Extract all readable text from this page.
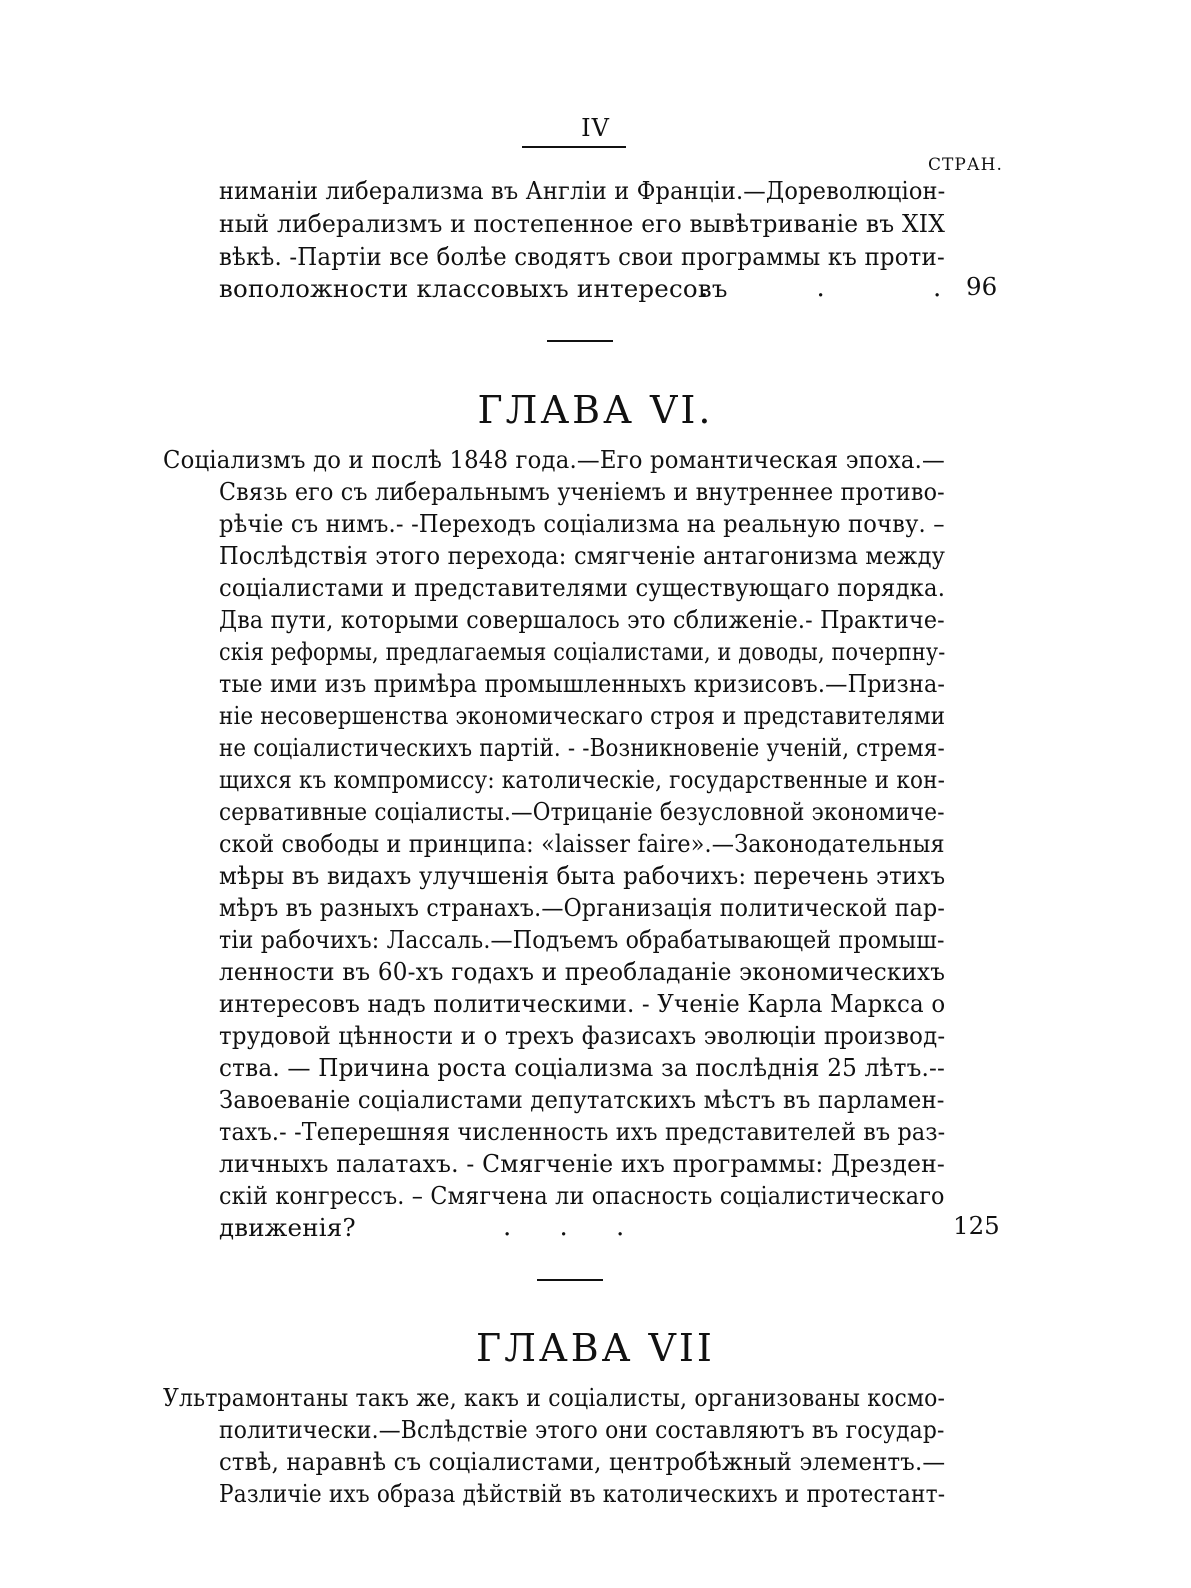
IV
СТРАН.
ниманіи либерализма въ Англіи и Франціи.—Дореволюціон-
ный либерализмъ и постепенное его вывѣтриваніе въ XIX
вѣкѣ. -Партіи все болѣе сводятъ свои программы къ проти-
воположности классовыхъ интересовъ
. . . 96
ГЛАВА VI.
Соціализмъ до и послѣ 1848 года.—Его романтическая эпоха.—
Связь его съ либеральнымъ ученіемъ и внутреннее противо-
рѣчіе съ нимъ.- -Переходъ соціализма на реальную почву. –
Послѣдствія этого перехода: смягченіе антагонизма между
соціалистами и представителями существующаго порядка.
Два пути, которыми совершалось это сближеніе.- Практиче-
скія реформы, предлагаемыя соціалистами, и доводы, почерпну-
тые ими изъ примѣра промышленныхъ кризисовъ.—Призна-
ніе несовершенства экономическаго строя и представителями
не соціалистическихъ партій. - -Возникновеніе ученій, стремя-
щихся къ компромиссу: католическіе, государственные и кон-
сервативные соціалисты.—Отрицаніе безусловной экономиче-
ской свободы и принципа: «laisser faire».—Законодательныя
мѣры въ видахъ улучшенія быта рабочихъ: перечень этихъ
мѣръ въ разныхъ странахъ.—Организація политической пар-
тіи рабочихъ: Лассаль.—Подъемъ обрабатывающей промыш-
ленности въ 60-хъ годахъ и преобладаніе экономическихъ
интересовъ надъ политическими. - Ученіе Карла Маркса о
трудовой цѣнности и о трехъ фазисахъ эволюціи производ-
ства. — Причина роста соціализма за послѣднія 25 лѣтъ.--
Завоеваніе соціалистами депутатскихъ мѣстъ въ парламен-
тахъ.- -Теперешняя численность ихъ представителей въ раз-
личныхъ палатахъ. - Смягченіе ихъ программы: Дрезден-
скій конгрессъ. – Смягчена ли опасность соціалистическаго
движенія?	. . .	125
ГЛАВА VII
Ультрамонтаны такъ же, какъ и соціалисты, организованы космо-
политически.—Вслѣдствіе этого они составляютъ въ государ-
ствѣ, наравнѣ съ соціалистами, центробѣжный элементъ.—
Различіе ихъ образа дѣйствій въ католическихъ и протестант-
